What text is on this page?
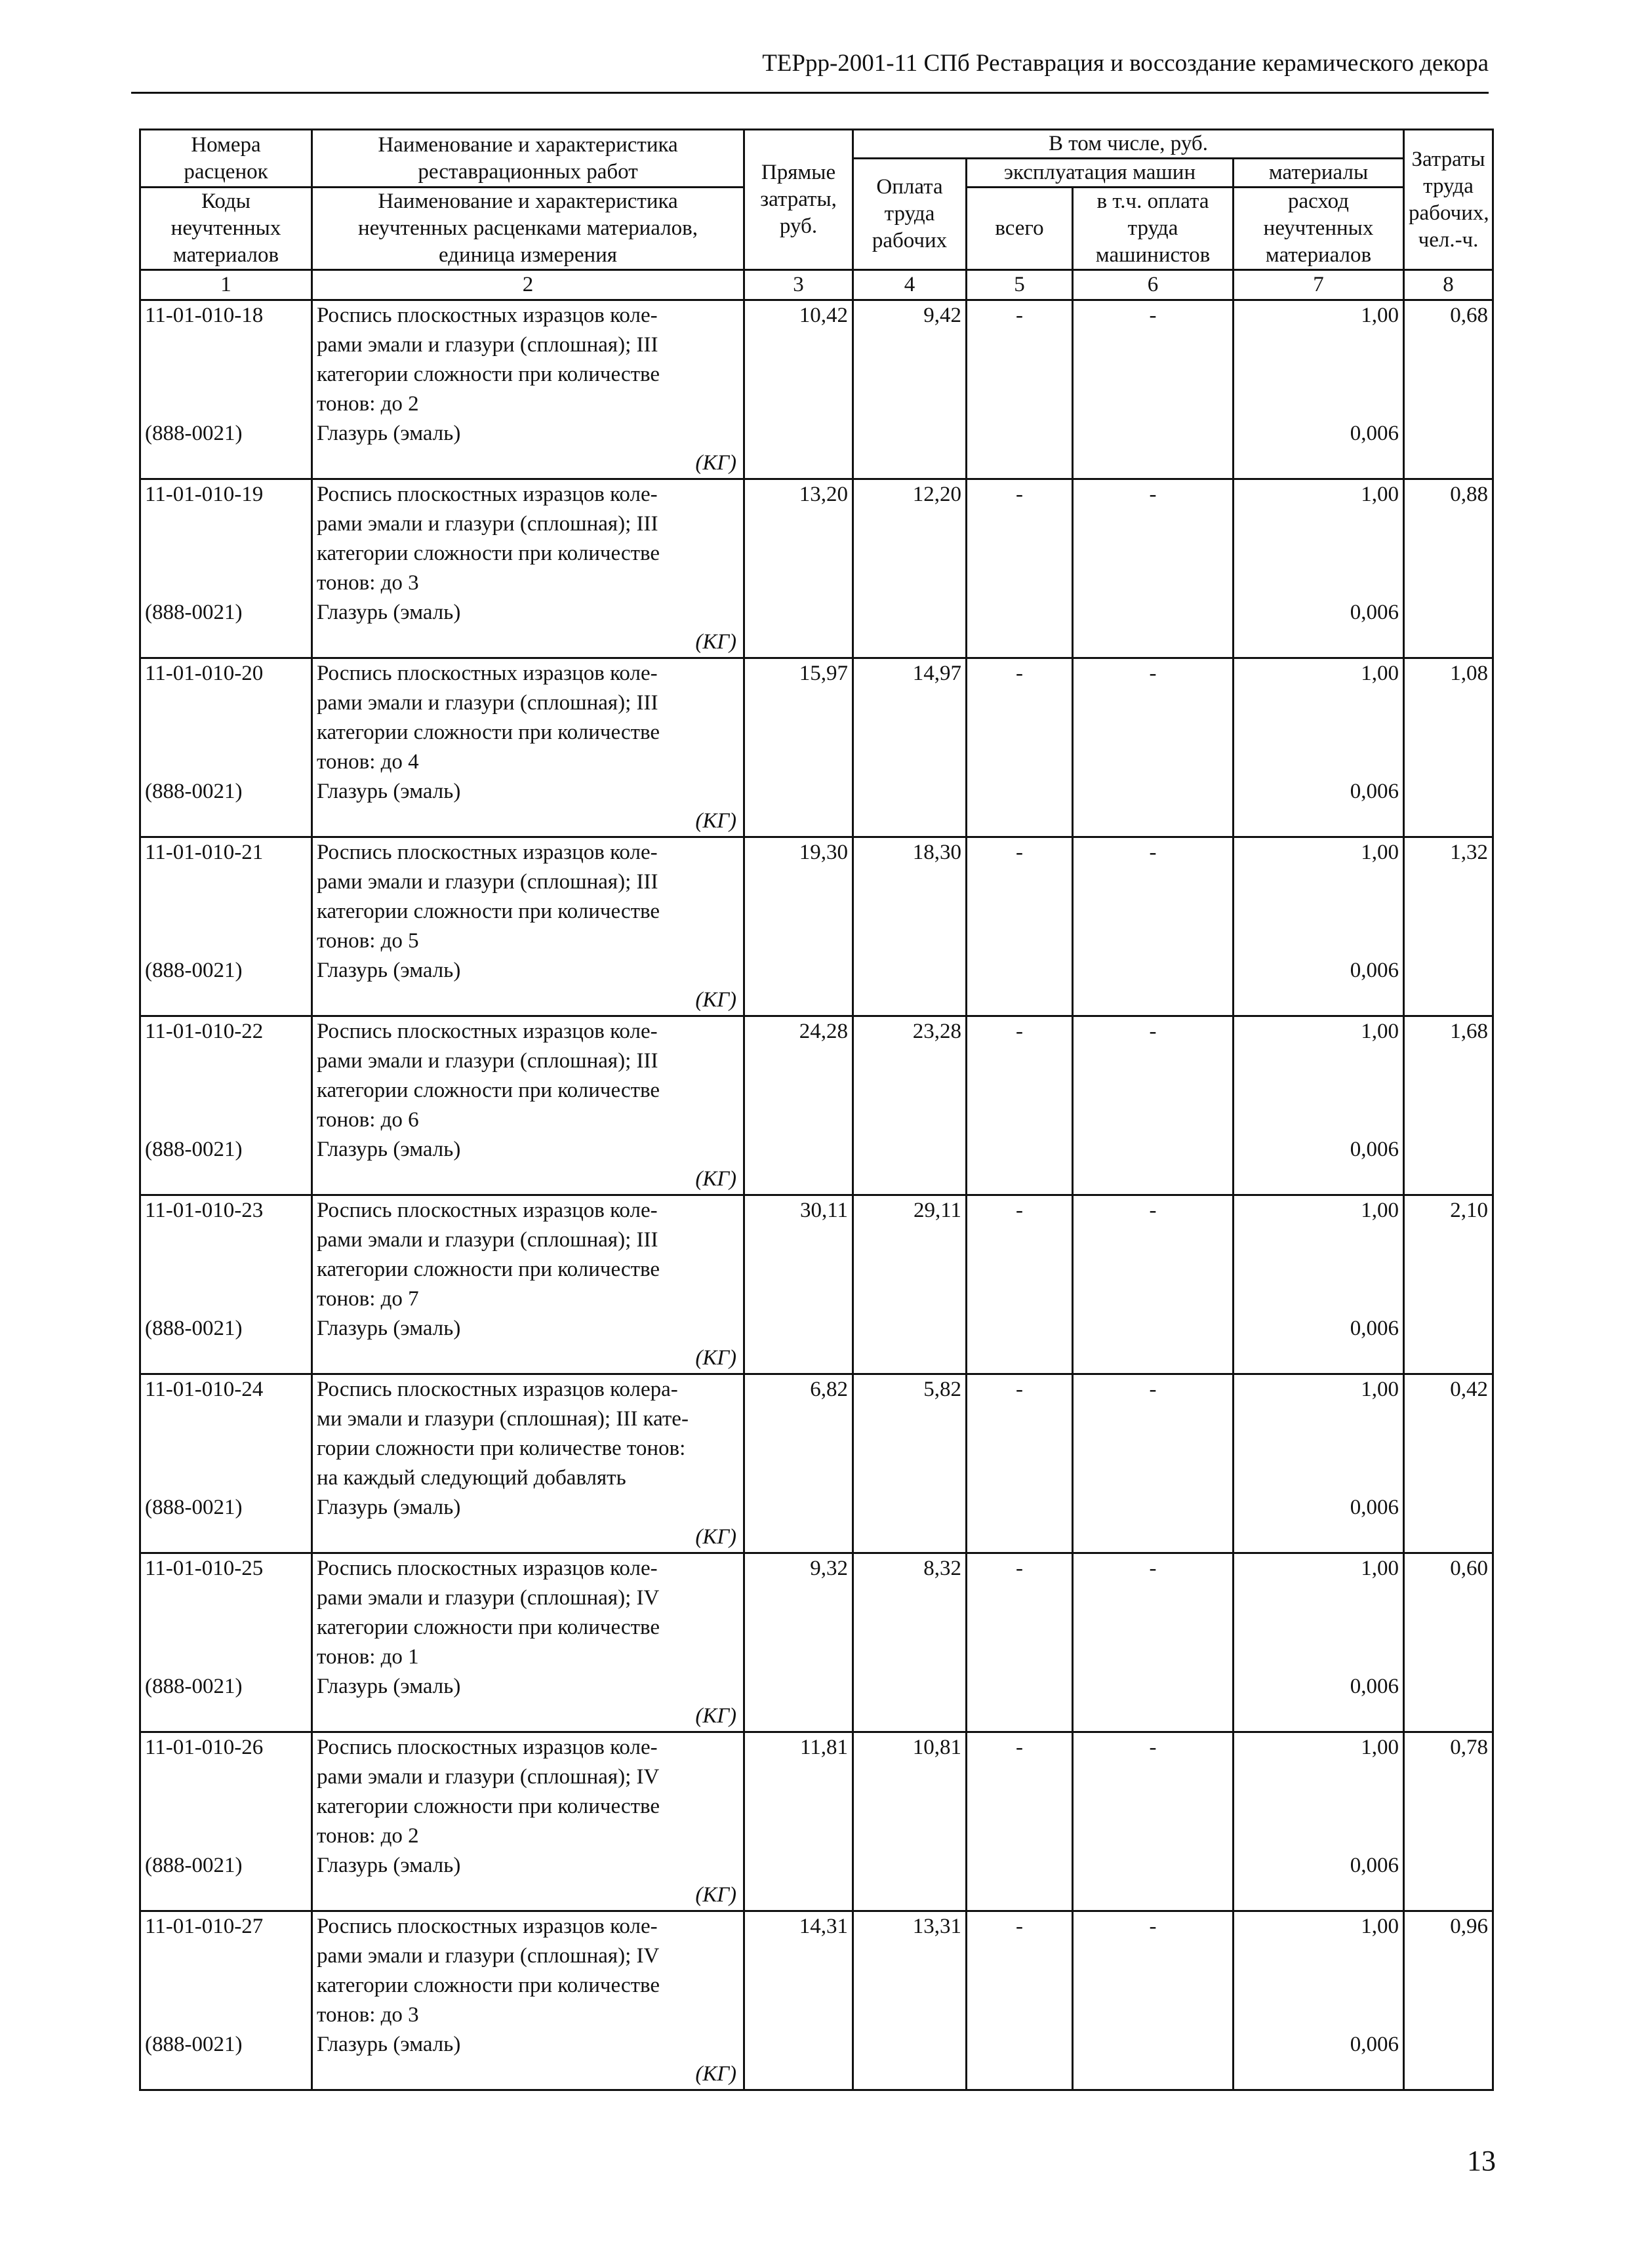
ТЕРрр-2001-11 СПб Реставрация и воссоздание керамического декора
Номера
расценок	Наименование и характеристика
реставрационных работ	Прямые
затраты,
руб.	В том числе, руб.				Затраты
труда
рабочих,
чел.-ч.
			Оплата
труда
рабочих	эксплуатация машин		материалы	
Коды
неучтенных
материалов	Наименование и характеристика
неучтенных расценками материалов,
единица измерения			всего	в т.ч. оплата
труда
машинистов	расход
неучтенных
материалов	

1	2	3	4	5	6	7	8
11-01-010-18	Роспись плоскостных изразцов коле-
рами эмали и глазури (сплошная); III
категории сложности при количестве
тонов: до 2	10,42	9,42	-	-	1,00	0,68
(888-0021)	Глазурь (эмаль)
(КГ)					0,006	
11-01-010-19	Роспись плоскостных изразцов коле-
рами эмали и глазури (сплошная); III
категории сложности при количестве
тонов: до 3	13,20	12,20	-	-	1,00	0,88
(888-0021)	Глазурь (эмаль)
(КГ)					0,006	
11-01-010-20	Роспись плоскостных изразцов коле-
рами эмали и глазури (сплошная); III
категории сложности при количестве
тонов: до 4	15,97	14,97	-	-	1,00	1,08
(888-0021)	Глазурь (эмаль)
(КГ)					0,006	
11-01-010-21	Роспись плоскостных изразцов коле-
рами эмали и глазури (сплошная); III
категории сложности при количестве
тонов: до 5	19,30	18,30	-	-	1,00	1,32
(888-0021)	Глазурь (эмаль)
(КГ)					0,006	
11-01-010-22	Роспись плоскостных изразцов коле-
рами эмали и глазури (сплошная); III
категории сложности при количестве
тонов: до 6	24,28	23,28	-	-	1,00	1,68
(888-0021)	Глазурь (эмаль)
(КГ)					0,006	
11-01-010-23	Роспись плоскостных изразцов коле-
рами эмали и глазури (сплошная); III
категории сложности при количестве
тонов: до 7	30,11	29,11	-	-	1,00	2,10
(888-0021)	Глазурь (эмаль)
(КГ)					0,006	
11-01-010-24	Роспись плоскостных изразцов колера-
ми эмали и глазури (сплошная); III кате-
гории сложности при количестве тонов:
на каждый следующий добавлять	6,82	5,82	-	-	1,00	0,42
(888-0021)	Глазурь (эмаль)
(КГ)					0,006	
11-01-010-25	Роспись плоскостных изразцов коле-
рами эмали и глазури (сплошная); IV
категории сложности при количестве
тонов: до 1	9,32	8,32	-	-	1,00	0,60
(888-0021)	Глазурь (эмаль)
(КГ)					0,006	
11-01-010-26	Роспись плоскостных изразцов коле-
рами эмали и глазури (сплошная); IV
категории сложности при количестве
тонов: до 2	11,81	10,81	-	-	1,00	0,78
(888-0021)	Глазурь (эмаль)
(КГ)					0,006	
11-01-010-27	Роспись плоскостных изразцов коле-
рами эмали и глазури (сплошная); IV
категории сложности при количестве
тонов: до 3	14,31	13,31	-	-	1,00	0,96
(888-0021)	Глазурь (эмаль)
(КГ)					0,006	
13
